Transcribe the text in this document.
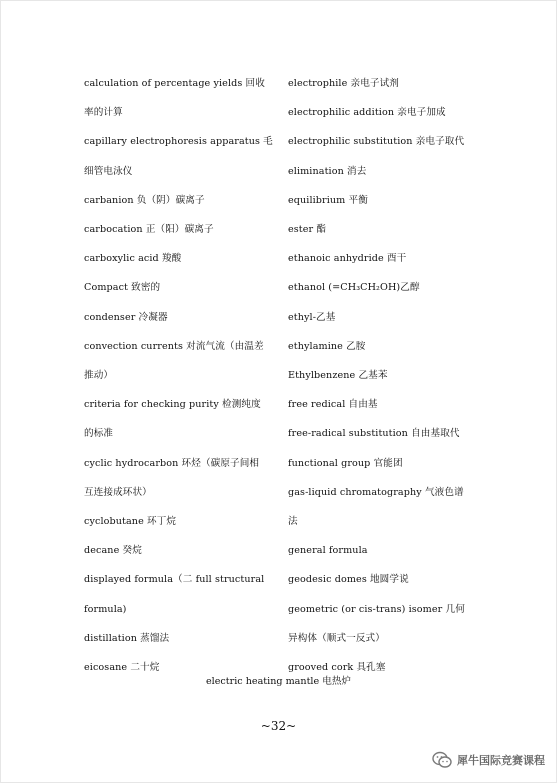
calculation of percentage yields 回收
率的计算
capillary electrophoresis apparatus 毛
细管电泳仪
carbanion 负（阴）碳离子
carbocation 正（阳）碳离子
carboxylic acid 羧酸
Compact 致密的
condenser 冷凝器
convection currents 对流气流（由温差
推动）
criteria for checking purity 检测纯度
的标准
cyclic hydrocarbon 环烃（碳原子间相
互连接成环状）
cyclobutane 环丁烷
decane 癸烷
displayed formula（二 full structural
formula)
distillation 蒸馏法
eicosane 二十烷
electrophile 亲电子试剂
electrophilic addition 亲电子加成
electrophilic substitution 亲电子取代
elimination 消去
equilibrium 平衡
ester 酯
ethanoic anhydride 酉干
ethanol (=CH₃CH₂OH)乙醇
ethyl-乙基
ethylamine 乙胺
Ethylbenzene 乙基苯
free redical 自由基
free-radical substitution 自由基取代
functional group 官能团
gas-liquid chromatography 气液色谱
法
general formula
geodesic domes 地圆学说
geometric (or cis-trans) isomer 几何
异构体（顺式一反式）
grooved cork 具孔塞
electric heating mantle 电热炉
~32~
犀牛国际竞赛课程
